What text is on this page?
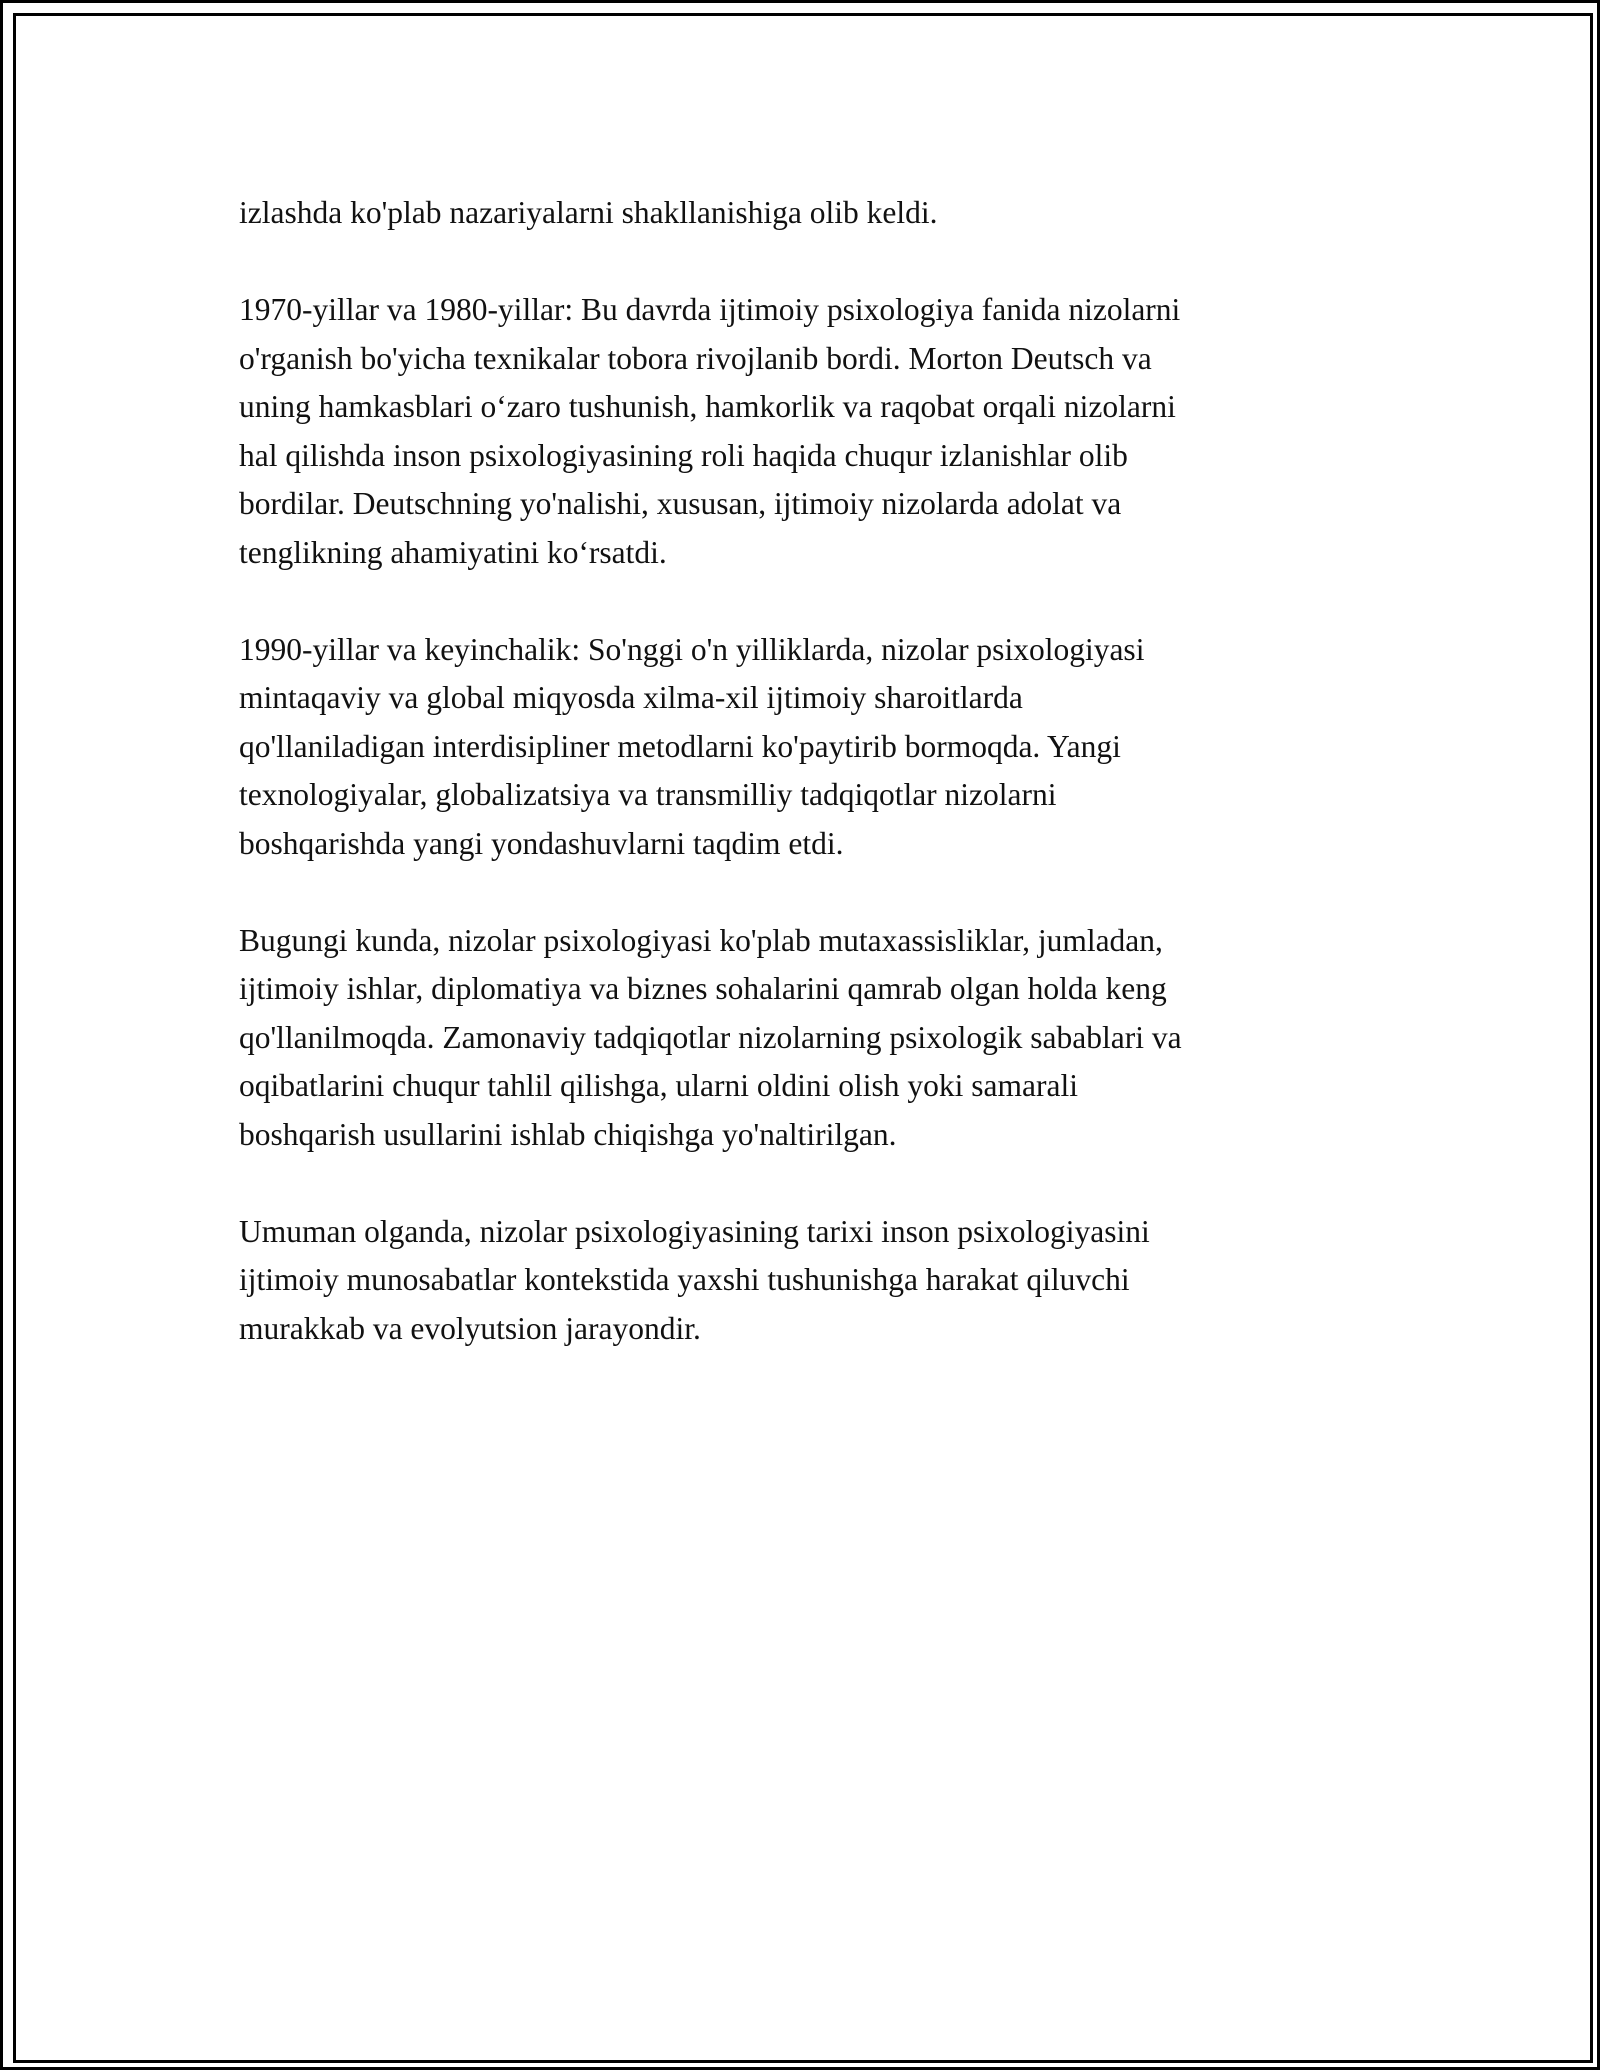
izlashda ko'plab nazariyalarni shakllanishiga olib keldi.

1970-yillar va 1980-yillar: Bu davrda ijtimoiy psixologiya fanida nizolarni
o'rganish bo'yicha texnikalar tobora rivojlanib bordi. Morton Deutsch va
uning hamkasblari o‘zaro tushunish, hamkorlik va raqobat orqali nizolarni
hal qilishda inson psixologiyasining roli haqida chuqur izlanishlar olib
bordilar. Deutschning yo'nalishi, xususan, ijtimoiy nizolarda adolat va
tenglikning ahamiyatini ko‘rsatdi.

1990-yillar va keyinchalik: So'nggi o'n yilliklarda, nizolar psixologiyasi
mintaqaviy va global miqyosda xilma-xil ijtimoiy sharoitlarda
qo'llaniladigan interdisipliner metodlarni ko'paytirib bormoqda. Yangi
texnologiyalar, globalizatsiya va transmilliy tadqiqotlar nizolarni
boshqarishda yangi yondashuvlarni taqdim etdi.

Bugungi kunda, nizolar psixologiyasi ko'plab mutaxassisliklar, jumladan,
ijtimoiy ishlar, diplomatiya va biznes sohalarini qamrab olgan holda keng
qo'llanilmoqda. Zamonaviy tadqiqotlar nizolarning psixologik sabablari va
oqibatlarini chuqur tahlil qilishga, ularni oldini olish yoki samarali
boshqarish usullarini ishlab chiqishga yo'naltirilgan.

Umuman olganda, nizolar psixologiyasining tarixi inson psixologiyasini
ijtimoiy munosabatlar kontekstida yaxshi tushunishga harakat qiluvchi
murakkab va evolyutsion jarayondir.
